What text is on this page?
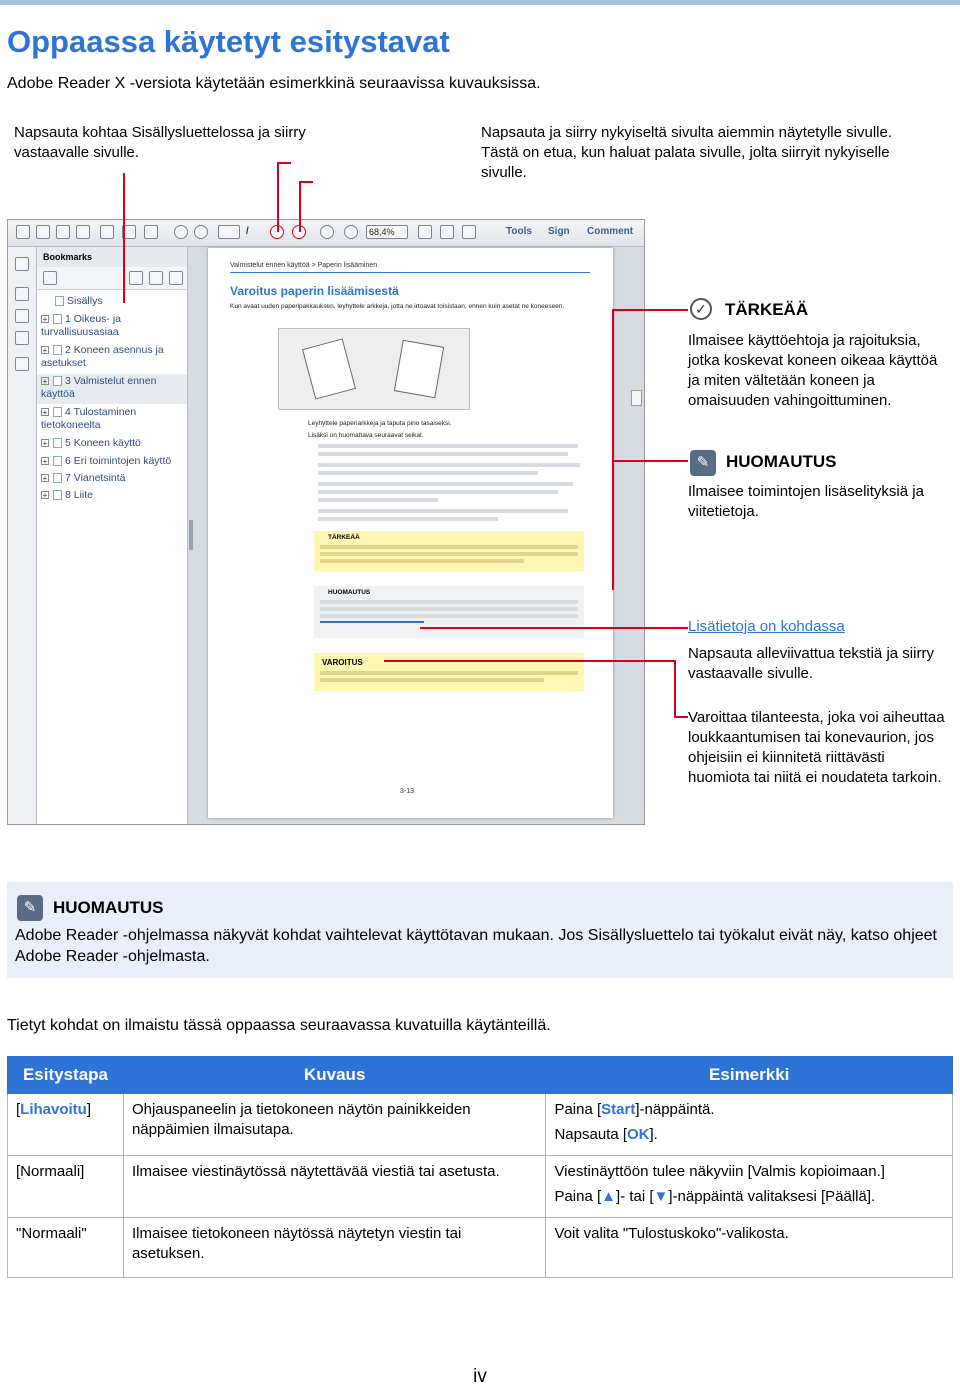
Oppaassa käytetyt esitystavat
Adobe Reader X -versiota käytetään esimerkkinä seuraavissa kuvauksissa.
Napsauta kohtaa Sisällysluettelossa ja siirry vastaavalle sivulle.
Napsauta ja siirry nykyiseltä sivulta aiemmin näytetylle sivulle. Tästä on etua, kun haluat palata sivulle, jolta siirryit nykyiselle sivulle.
/	68,4%	Tools Sign Comment
Bookmarks
Sisällys
+ 1 Oikeus- ja turvallisuusasiaa
+ 2 Koneen asennus ja asetukset
+ 3 Valmistelut ennen käyttöä
+ 4 Tulostaminen tietokoneelta
+ 5 Koneen käyttö
+ 6 Eri toimintojen käyttö
+ 7 Vianetsintä
+ 8 Liite
Valmistelut ennen käyttöä > Paperin lisääminen
Varoitus paperin lisäämisestä
Kun avaat uuden paperipakkauksen, leyhyttele arkkeja, jotta ne irtoavat toisistaan, ennen kuin asetat ne koneeseen.
Leyhyttele paperiarkkeja ja taputa pino tasaiseksi.
Lisäksi on huomattava seuraavat seikat.
TÄRKEÄÄ
HUOMAUTUS
VAROITUS
3-13
✓	TÄRKEÄÄ
Ilmaisee käyttöehtoja ja rajoituksia, jotka koskevat koneen oikeaa käyttöä ja miten vältetään koneen ja omaisuuden vahingoittuminen.
✎ HUOMAUTUS
Ilmaisee toimintojen lisäselityksiä ja viitetietoja.
Lisätietoja on kohdassa
Napsauta alleviivattua tekstiä ja siirry vastaavalle sivulle.
Varoittaa tilanteesta, joka voi aiheuttaa loukkaantumisen tai konevaurion, jos ohjeisiin ei kiinnitetä riittävästi huomiota tai niitä ei noudateta tarkoin.
✎ HUOMAUTUS
Adobe Reader -ohjelmassa näkyvät kohdat vaihtelevat käyttötavan mukaan. Jos Sisällysluettelo tai työkalut eivät näy, katso ohjeet Adobe Reader -ohjelmasta.
Tietyt kohdat on ilmaistu tässä oppaassa seuraavassa kuvatuilla käytänteillä.
Esitystapa	Kuvaus	Esimerkki
[Lihavoitu]	Ohjauspaneelin ja tietokoneen näytön painikkeiden näppäimien ilmaisutapa.	Paina [Start]-näppäintä.
Napsauta [OK].

[Normaali]	Ilmaisee viestinäytössä näytettävää viestiä tai asetusta.	Viestinäyttöön tulee näkyviin [Valmis kopioimaan.]
Paina [▲]- tai [▼]-näppäintä valitaksesi [Päällä].

"Normaali"	Ilmaisee tietokoneen näytössä näytetyn viestin tai asetuksen.	Voit valita "Tulostuskoko"-valikosta.
iv
